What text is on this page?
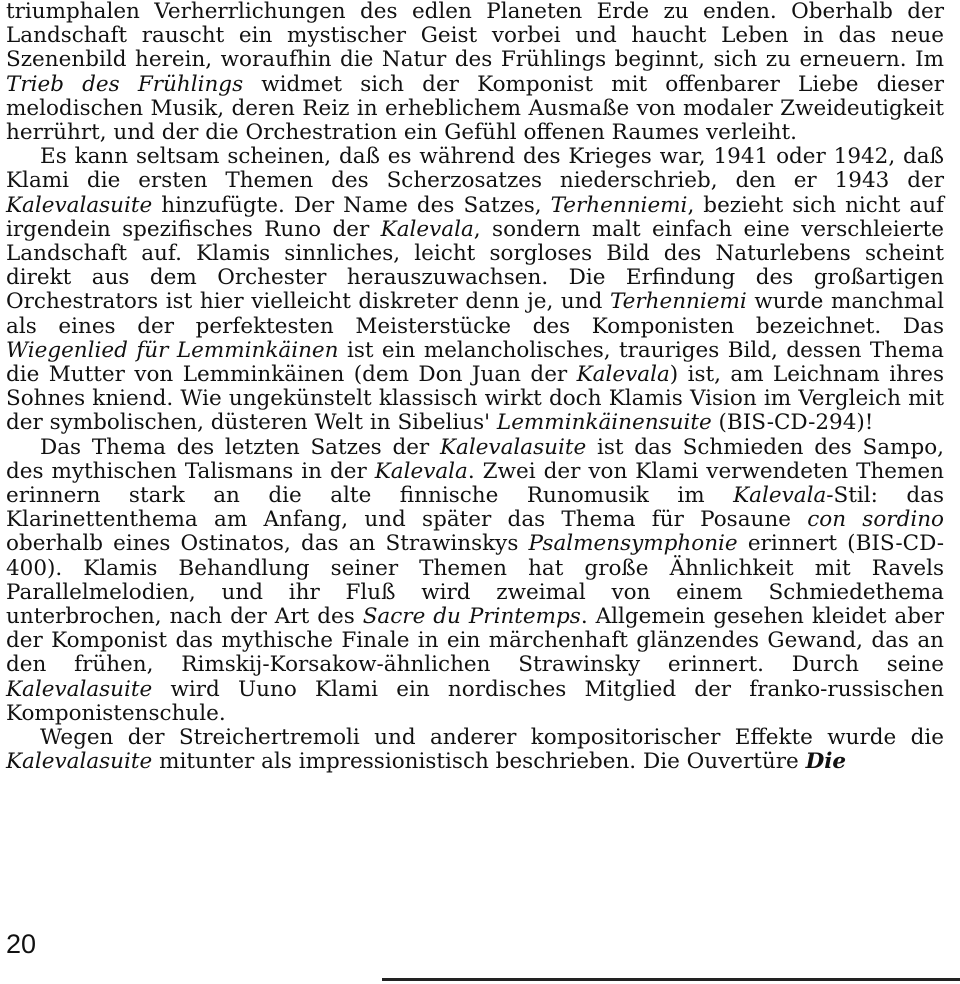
triumphalen Verherrlichungen des edlen Planeten Erde zu enden. Oberhalb der Landschaft rauscht ein mystischer Geist vorbei und haucht Leben in das neue Szenenbild herein, woraufhin die Natur des Frühlings beginnt, sich zu erneuern. Im Trieb des Frühlings widmet sich der Komponist mit offenbarer Liebe dieser melodischen Musik, deren Reiz in erheblichem Ausmaße von modaler Zweideutigkeit herrührt, und der die Orchestration ein Gefühl offenen Raumes verleiht.

Es kann seltsam scheinen, daß es während des Krieges war, 1941 oder 1942, daß Klami die ersten Themen des Scherzosatzes niederschrieb, den er 1943 der Kalevalasuite hinzufügte. Der Name des Satzes, Terhenniemi, bezieht sich nicht auf irgendein spezifisches Runo der Kalevala, sondern malt einfach eine verschleierte Landschaft auf. Klamis sinnliches, leicht sorgloses Bild des Naturlebens scheint direkt aus dem Orchester herauszuwachsen. Die Erfindung des großartigen Orchestrators ist hier vielleicht diskreter denn je, und Terhenniemi wurde manchmal als eines der perfektesten Meisterstücke des Komponisten bezeichnet. Das Wiegenlied für Lemminkäinen ist ein melancholisches, trauriges Bild, dessen Thema die Mutter von Lemminkäinen (dem Don Juan der Kalevala) ist, am Leichnam ihres Sohnes kniend. Wie ungekünstelt klassisch wirkt doch Klamis Vision im Vergleich mit der symbolischen, düsteren Welt in Sibelius' Lemminkäinensuite (BIS-CD-294)!

Das Thema des letzten Satzes der Kalevalasuite ist das Schmieden des Sampo, des mythischen Talismans in der Kalevala. Zwei der von Klami verwendeten Themen erinnern stark an die alte finnische Runomusik im Kalevala-Stil: das Klarinettenthema am Anfang, und später das Thema für Posaune con sordino oberhalb eines Ostinatos, das an Strawinskys Psalmensymphonie erinnert (BIS-CD-400). Klamis Behandlung seiner Themen hat große Ähnlichkeit mit Ravels Parallelmelodien, und ihr Fluß wird zweimal von einem Schmiedethema unterbrochen, nach der Art des Sacre du Printemps. Allgemein gesehen kleidet aber der Komponist das mythische Finale in ein märchenhaft glänzendes Gewand, das an den frühen, Rimskij-Korsakow-ähnlichen Strawinsky erinnert. Durch seine Kalevalasuite wird Uuno Klami ein nordisches Mitglied der franko-russischen Komponistenschule.

Wegen der Streichertremoli und anderer kompositorischer Effekte wurde die Kalevalasuite mitunter als impressionistisch beschrieben. Die Ouvertüre Die

20
